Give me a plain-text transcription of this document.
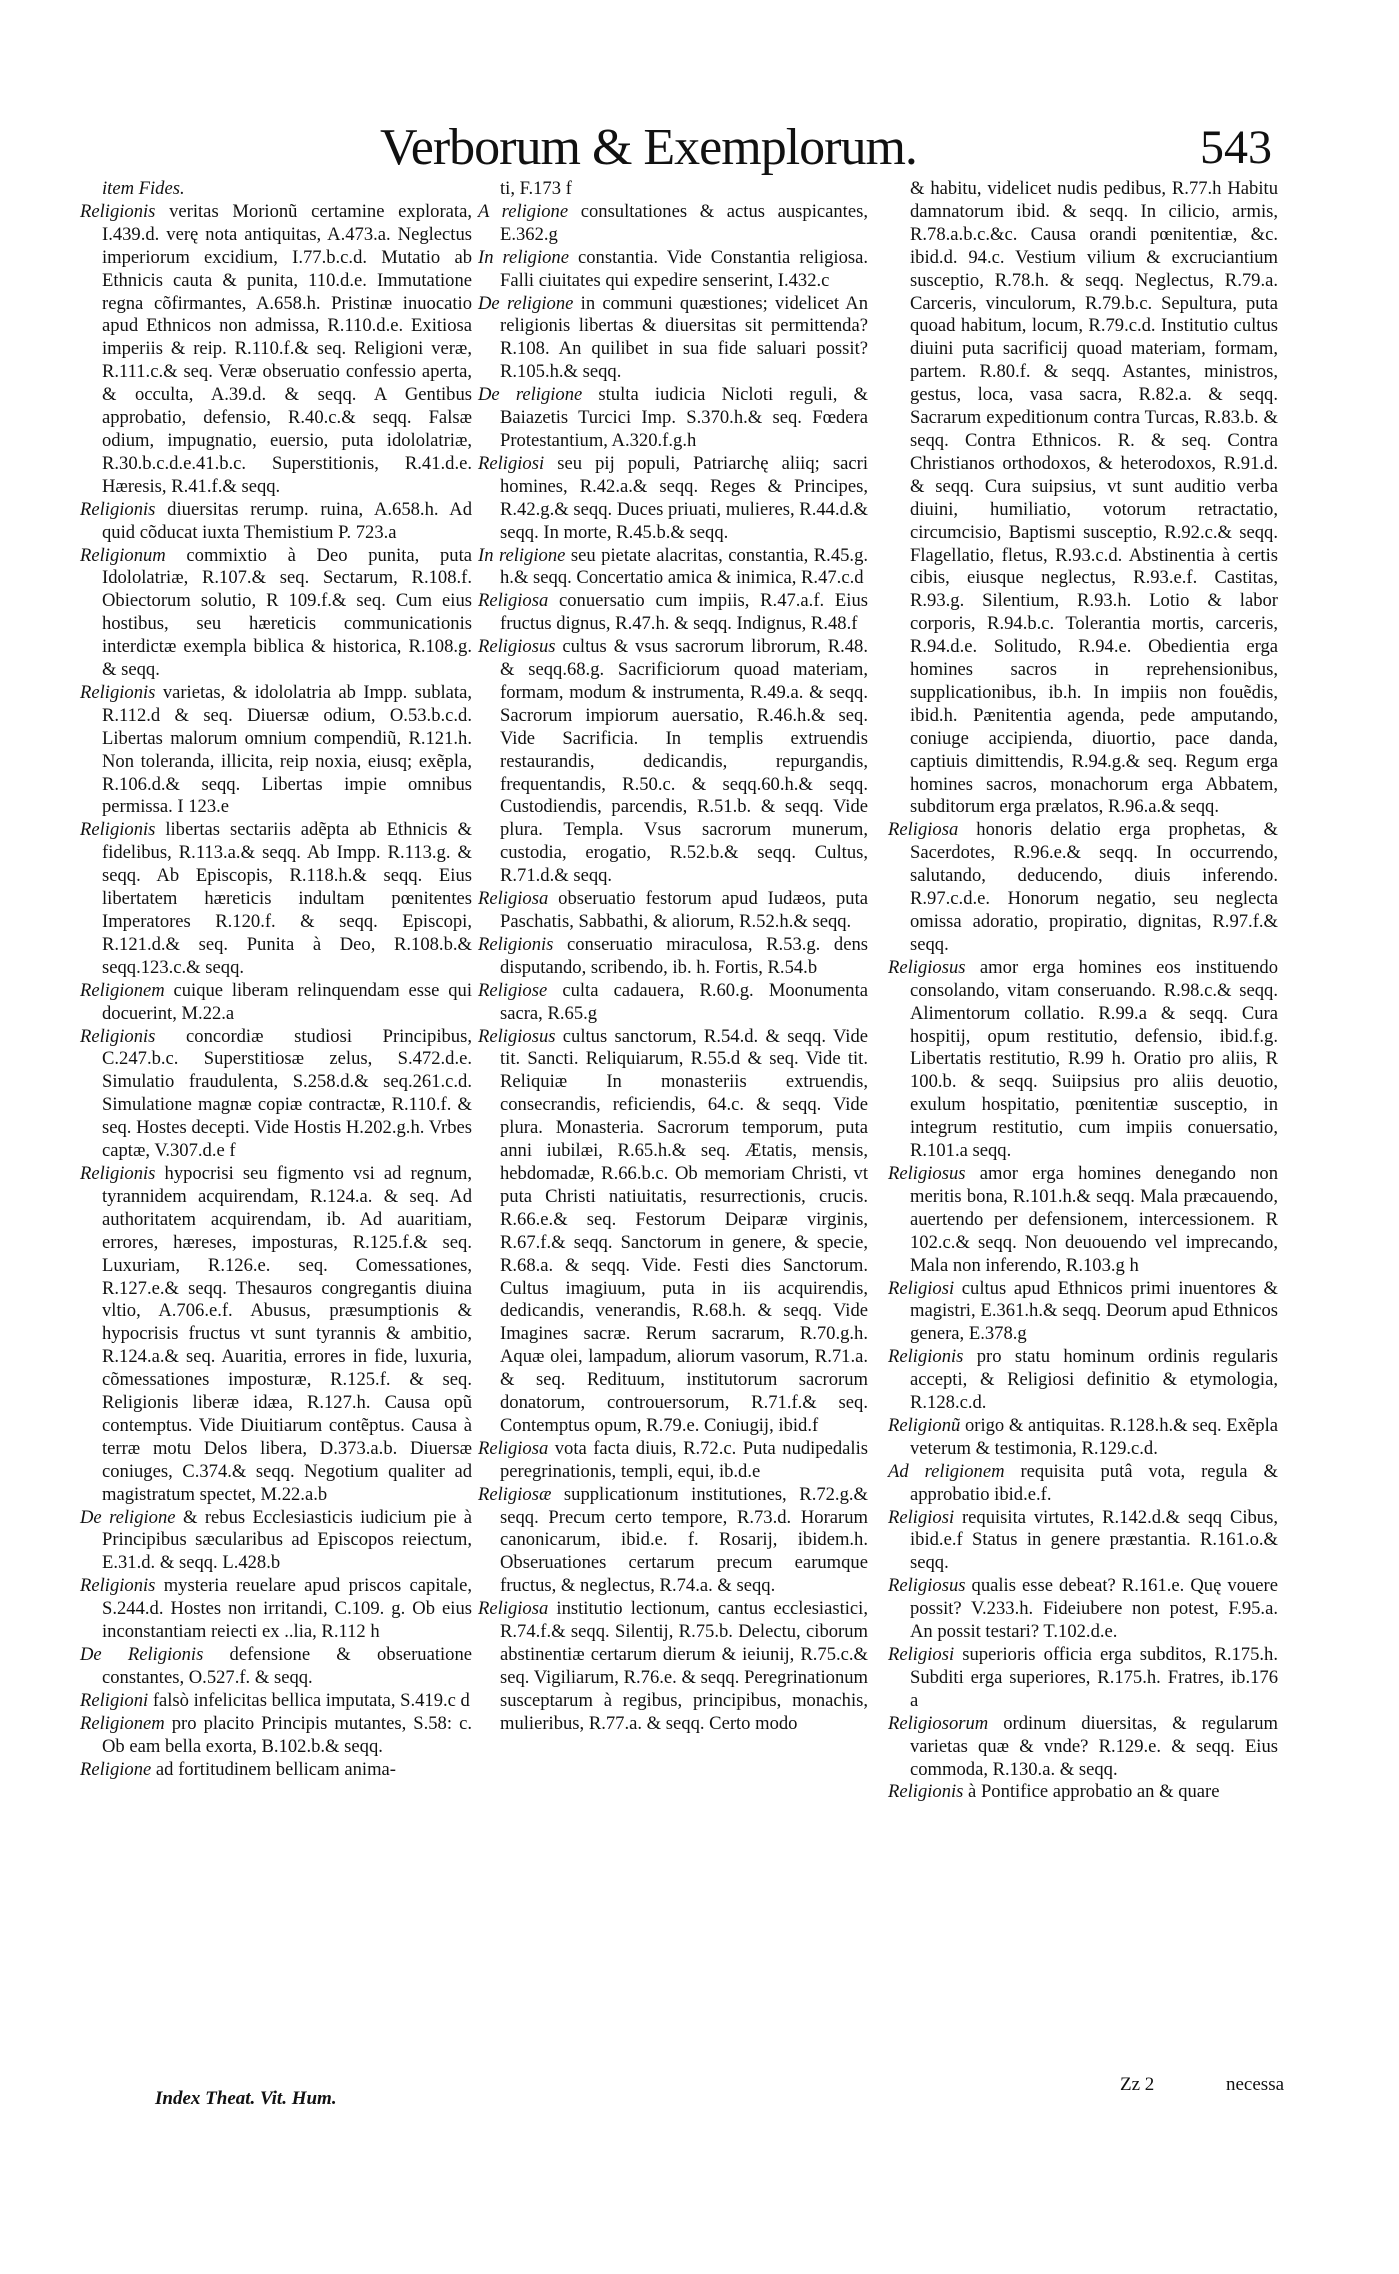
Verborum & Exemplorum.	543

item Fides.

Religionis veritas Morionũ certamine explorata, I.439.d. verę nota antiquitas, A.473.a. Neglectus imperiorum excidium, I.77.b.c.d. Mutatio ab Ethnicis cauta & punita, 110.d.e. Immutatione regna cõfirmantes, A.658.h. Pristinæ inuocatio apud Ethnicos non admissa, R.110.d.e. Exitiosa imperiis & reip. R.110.f.& seq. Religioni veræ, R.111.c.& seq. Veræ obseruatio confessio aperta, & occulta, A.39.d. & seqq. A Gentibus approbatio, defensio, R.40.c.& seqq. Falsæ odium, impugnatio, euersio, puta idololatriæ, R.30.b.c.d.e.41.b.c. Superstitionis, R.41.d.e. Hæresis, R.41.f.& seqq.

Religionis diuersitas rerump. ruina, A.658.h. Ad quid cõducat iuxta Themistium P. 723.a

Religionum commixtio à Deo punita, puta Idololatriæ, R.107.& seq. Sectarum, R.108.f. Obiectorum solutio, R 109.f.& seq. Cum eius hostibus, seu hæreticis communicationis interdictæ exempla biblica & historica, R.108.g. & seqq.

Religionis varietas, & idololatria ab Impp. sublata, R.112.d & seq. Diuersæ odium, O.53.b.c.d. Libertas malorum omnium compendiũ, R.121.h. Non toleranda, illicita, reip noxia, eiusq; exẽpla, R.106.d.& seqq. Libertas impie omnibus permissa. I 123.e

Religionis libertas sectariis adẽpta ab Ethnicis & fidelibus, R.113.a.& seqq. Ab Impp. R.113.g. & seqq. Ab Episcopis, R.118.h.& seqq. Eius libertatem hæreticis indultam pœnitentes Imperatores R.120.f. & seqq. Episcopi, R.121.d.& seq. Punita à Deo, R.108.b.& seqq.123.c.& seqq.

Religionem cuique liberam relinquendam esse qui docuerint, M.22.a

Religionis concordiæ studiosi Principibus, C.247.b.c. Superstitiosæ zelus, S.472.d.e. Simulatio fraudulenta, S.258.d.& seq.261.c.d. Simulatione magnæ copiæ contractæ, R.110.f. & seq. Hostes decepti. Vide Hostis H.202.g.h. Vrbes captæ, V.307.d.e f

Religionis hypocrisi seu figmento vsi ad regnum, tyrannidem acquirendam, R.124.a. & seq. Ad authoritatem acquirendam, ib. Ad auaritiam, errores, hæreses, imposturas, R.125.f.& seq. Luxuriam, R.126.e. seq. Comessationes, R.127.e.& seqq. Thesauros congregantis diuina vltio, A.706.e.f. Abusus, præsumptionis & hypocrisis fructus vt sunt tyrannis & ambitio, R.124.a.& seq. Auaritia, errores in fide, luxuria, cõmessationes imposturæ, R.125.f. & seq. Religionis liberæ idæa, R.127.h. Causa opũ contemptus. Vide Diuitiarum contẽptus. Causa à terræ motu Delos libera, D.373.a.b. Diuersæ coniuges, C.374.& seqq. Negotium qualiter ad magistratum spectet, M.22.a.b

De religione & rebus Ecclesiasticis iudicium pie à Principibus sæcularibus ad Episcopos reiectum, E.31.d. & seqq. L.428.b

Religionis mysteria reuelare apud priscos capitale, S.244.d. Hostes non irritandi, C.109. g. Ob eius inconstantiam reiecti ex ..lia, R.112 h

De Religionis defensione & obseruatione constantes, O.527.f. & seqq.

Religioni falsò infelicitas bellica imputata, S.419.c d

Religionem pro placito Principis mutantes, S.58: c. Ob eam bella exorta, B.102.b.& seqq.

Religione ad fortitudinem bellicam anima-

ti, F.173 f

A religione consultationes & actus auspicantes, E.362.g

In religione constantia. Vide Constantia religiosa. Falli ciuitates qui expedire senserint, I.432.c

De religione in communi quæstiones; videlicet An religionis libertas & diuersitas sit permittenda? R.108. An quilibet in sua fide saluari possit? R.105.h.& seqq.

De religione stulta iudicia Nicloti reguli, & Baiazetis Turcici Imp. S.370.h.& seq. Fœdera Protestantium, A.320.f.g.h

Religiosi seu pij populi, Patriarchę aliiq; sacri homines, R.42.a.& seqq. Reges & Principes, R.42.g.& seqq. Duces priuati, mulieres, R.44.d.& seqq. In morte, R.45.b.& seqq.

In religione seu pietate alacritas, constantia, R.45.g. h.& seqq. Concertatio amica & inimica, R.47.c.d

Religiosa conuersatio cum impiis, R.47.a.f. Eius fructus dignus, R.47.h. & seqq. Indignus, R.48.f

Religiosus cultus & vsus sacrorum librorum, R.48. & seqq.68.g. Sacrificiorum quoad materiam, formam, modum & instrumenta, R.49.a. & seqq. Sacrorum impiorum auersatio, R.46.h.& seq. Vide Sacrificia. In templis extruendis restaurandis, dedicandis, repurgandis, frequentandis, R.50.c. & seqq.60.h.& seqq. Custodiendis, parcendis, R.51.b. & seqq. Vide plura. Templa. Vsus sacrorum munerum, custodia, erogatio, R.52.b.& seqq. Cultus, R.71.d.& seqq.

Religiosa obseruatio festorum apud Iudæos, puta Paschatis, Sabbathi, & aliorum, R.52.h.& seqq.

Religionis conseruatio miraculosa, R.53.g. dens disputando, scribendo, ib. h. Fortis, R.54.b

Religiose culta cadauera, R.60.g. Moonumenta sacra, R.65.g

Religiosus cultus sanctorum, R.54.d. & seqq. Vide tit. Sancti. Reliquiarum, R.55.d & seq. Vide tit. Reliquiæ In monasteriis extruendis, consecrandis, reficiendis, 64.c. & seqq. Vide plura. Monasteria. Sacrorum temporum, puta anni iubilæi, R.65.h.& seq. Ætatis, mensis, hebdomadæ, R.66.b.c. Ob memoriam Christi, vt puta Christi natiuitatis, resurrectionis, crucis. R.66.e.& seq. Festorum Deiparæ virginis, R.67.f.& seqq. Sanctorum in genere, & specie, R.68.a. & seqq. Vide. Festi dies Sanctorum. Cultus imagiuum, puta in iis acquirendis, dedicandis, venerandis, R.68.h. & seqq. Vide Imagines sacræ. Rerum sacrarum, R.70.g.h. Aquæ olei, lampadum, aliorum vasorum, R.71.a. & seq. Redituum, institutorum sacrorum donatorum, controuersorum, R.71.f.& seq. Contemptus opum, R.79.e. Coniugij, ibid.f

Religiosa vota facta diuis, R.72.c. Puta nudipedalis peregrinationis, templi, equi, ib.d.e

Religiosæ supplicationum institutiones, R.72.g.& seqq. Precum certo tempore, R.73.d. Horarum canonicarum, ibid.e. f. Rosarij, ibidem.h. Obseruationes certarum precum earumque fructus, & neglectus, R.74.a. & seqq.

Religiosa institutio lectionum, cantus ecclesiastici, R.74.f.& seqq. Silentij, R.75.b. Delectu, ciborum abstinentiæ certarum dierum & ieiunij, R.75.c.& seq. Vigiliarum, R.76.e. & seqq. Peregrinationum susceptarum à regibus, principibus, monachis, mulieribus, R.77.a. & seqq. Certo modo

& habitu, videlicet nudis pedibus, R.77.h Habitu damnatorum ibid. & seqq. In cilicio, armis, R.78.a.b.c.&c. Causa orandi pœnitentiæ, &c. ibid.d. 94.c. Vestium vilium & excruciantium susceptio, R.78.h. & seqq. Neglectus, R.79.a. Carceris, vinculorum, R.79.b.c. Sepultura, puta quoad habitum, locum, R.79.c.d. Institutio cultus diuini puta sacrificij quoad materiam, formam, partem. R.80.f. & seqq. Astantes, ministros, gestus, loca, vasa sacra, R.82.a. & seqq. Sacrarum expeditionum contra Turcas, R.83.b. & seqq. Contra Ethnicos. R. & seq. Contra Christianos orthodoxos, & heterodoxos, R.91.d. & seqq. Cura suipsius, vt sunt auditio verba diuini, humiliatio, votorum retractatio, circumcisio, Baptismi susceptio, R.92.c.& seqq. Flagellatio, fletus, R.93.c.d. Abstinentia à certis cibis, eiusque neglectus, R.93.e.f. Castitas, R.93.g. Silentium, R.93.h. Lotio & labor corporis, R.94.b.c. Tolerantia mortis, carceris, R.94.d.e. Solitudo, R.94.e. Obedientia erga homines sacros in reprehensionibus, supplicationibus, ib.h. In impiis non fouẽdis, ibid.h. Pænitentia agenda, pede amputando, coniuge accipienda, diuortio, pace danda, captiuis dimittendis, R.94.g.& seq. Regum erga homines sacros, monachorum erga Abbatem, subditorum erga prælatos, R.96.a.& seqq.

Religiosa honoris delatio erga prophetas, & Sacerdotes, R.96.e.& seqq. In occurrendo, salutando, deducendo, diuis inferendo. R.97.c.d.e. Honorum negatio, seu neglecta omissa adoratio, propiratio, dignitas, R.97.f.& seqq.

Religiosus amor erga homines eos instituendo consolando, vitam conseruando. R.98.c.& seqq. Alimentorum collatio. R.99.a & seqq. Cura hospitij, opum restitutio, defensio, ibid.f.g. Libertatis restitutio, R.99 h. Oratio pro aliis, R 100.b. & seqq. Suiipsius pro aliis deuotio, exulum hospitatio, pœnitentiæ susceptio, in integrum restitutio, cum impiis conuersatio, R.101.a seqq.

Religiosus amor erga homines denegando non meritis bona, R.101.h.& seqq. Mala præcauendo, auertendo per defensionem, intercessionem. R 102.c.& seqq. Non deuouendo vel imprecando, Mala non inferendo, R.103.g h

Religiosi cultus apud Ethnicos primi inuentores & magistri, E.361.h.& seqq. Deorum apud Ethnicos genera, E.378.g

Religionis pro statu hominum ordinis regularis accepti, & Religiosi definitio & etymologia, R.128.c.d.

Religionũ origo & antiquitas. R.128.h.& seq. Exẽpla veterum & testimonia, R.129.c.d.

Ad religionem requisita putâ vota, regula & approbatio ibid.e.f.

Religiosi requisita virtutes, R.142.d.& seqq Cibus, ibid.e.f Status in genere præstantia. R.161.o.& seqq.

Religiosus qualis esse debeat? R.161.e. Quę vouere possit? V.233.h. Fideiubere non potest, F.95.a. An possit testari? T.102.d.e.

Religiosi superioris officia erga subditos, R.175.h. Subditi erga superiores, R.175.h. Fratres, ib.176 a

Religiosorum ordinum diuersitas, & regularum varietas quæ & vnde? R.129.e. & seqq. Eius commoda, R.130.a. & seqq.

Religionis à Pontifice approbatio an & quare

Index Theat. Vit. Hum.
Zz 2	necessa
